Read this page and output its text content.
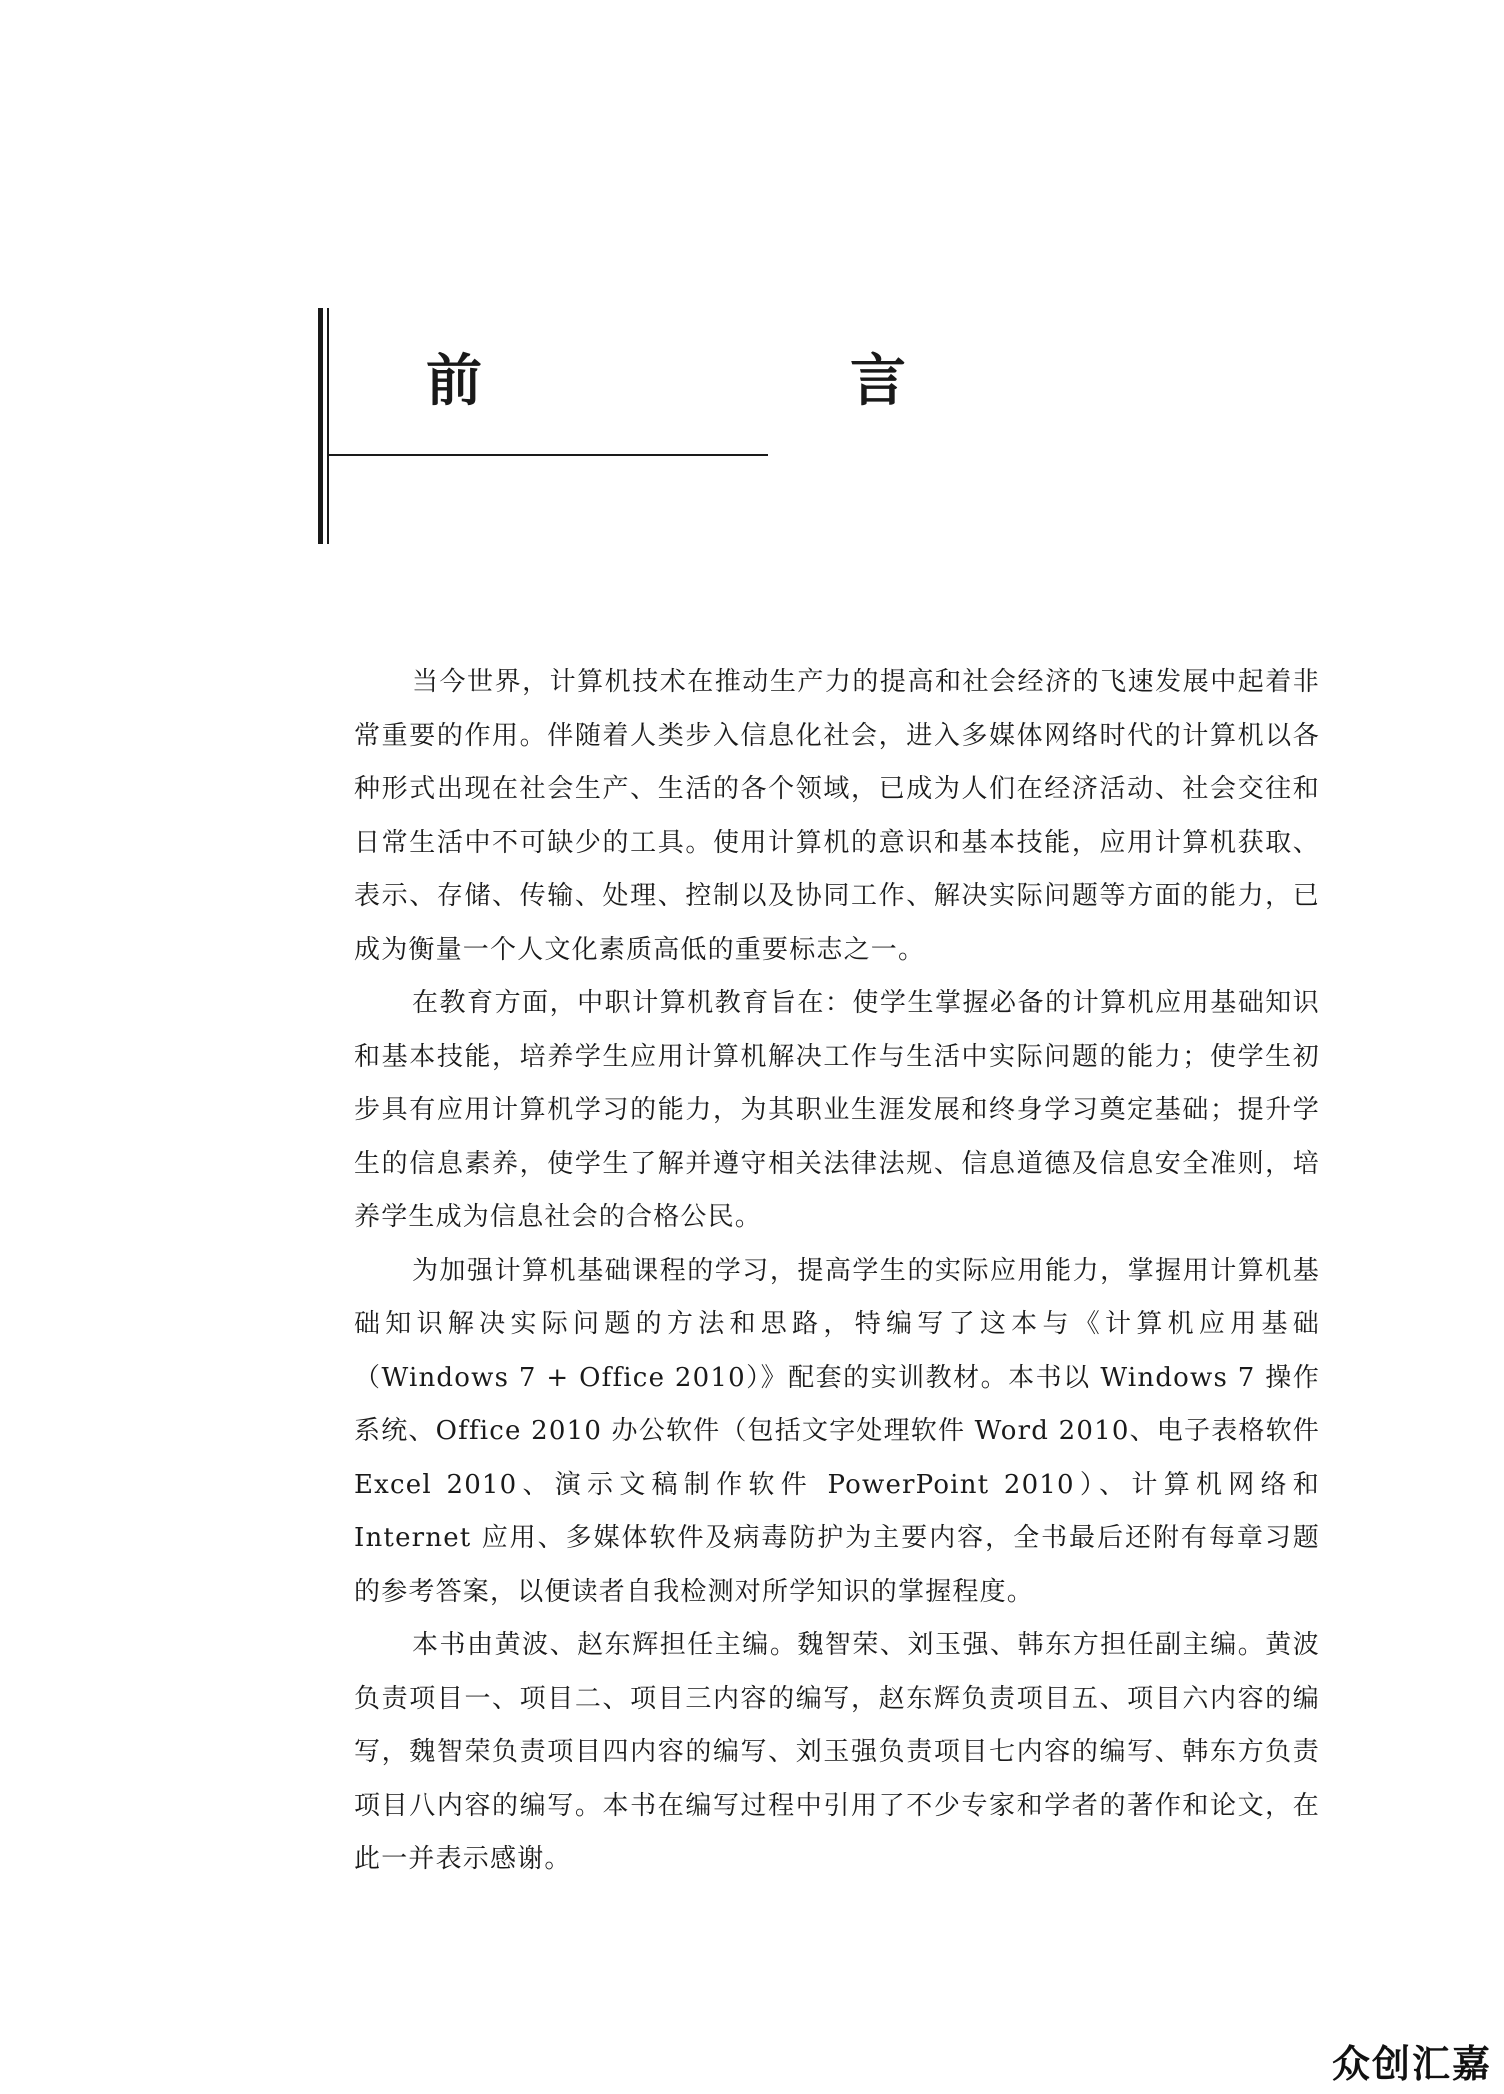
前　言

当今世界，计算机技术在推动生产力的提高和社会经济的飞速发展中起着非常重要的作用。伴随着人类步入信息化社会，进入多媒体网络时代的计算机以各种形式出现在社会生产、生活的各个领域，已成为人们在经济活动、社会交往和日常生活中不可缺少的工具。使用计算机的意识和基本技能，应用计算机获取、表示、存储、传输、处理、控制以及协同工作、解决实际问题等方面的能力，已成为衡量一个人文化素质高低的重要标志之一。

在教育方面，中职计算机教育旨在：使学生掌握必备的计算机应用基础知识和基本技能，培养学生应用计算机解决工作与生活中实际问题的能力；使学生初步具有应用计算机学习的能力，为其职业生涯发展和终身学习奠定基础；提升学生的信息素养，使学生了解并遵守相关法律法规、信息道德及信息安全准则，培养学生成为信息社会的合格公民。

为加强计算机基础课程的学习，提高学生的实际应用能力，掌握用计算机基础知识解决实际问题的方法和思路，特编写了这本与《计算机应用基础（Windows 7 + Office 2010）》配套的实训教材。本书以 Windows 7 操作系统、Office 2010 办公软件（包括文字处理软件 Word 2010、电子表格软件 Excel 2010、演示文稿制作软件 PowerPoint 2010）、计算机网络和 Internet 应用、多媒体软件及病毒防护为主要内容，全书最后还附有每章习题的参考答案，以便读者自我检测对所学知识的掌握程度。

本书由黄波、赵东辉担任主编。魏智荣、刘玉强、韩东方担任副主编。黄波负责项目一、项目二、项目三内容的编写，赵东辉负责项目五、项目六内容的编写，魏智荣负责项目四内容的编写、刘玉强负责项目七内容的编写、韩东方负责项目八内容的编写。本书在编写过程中引用了不少专家和学者的著作和论文，在此一并表示感谢。

众创汇嘉
